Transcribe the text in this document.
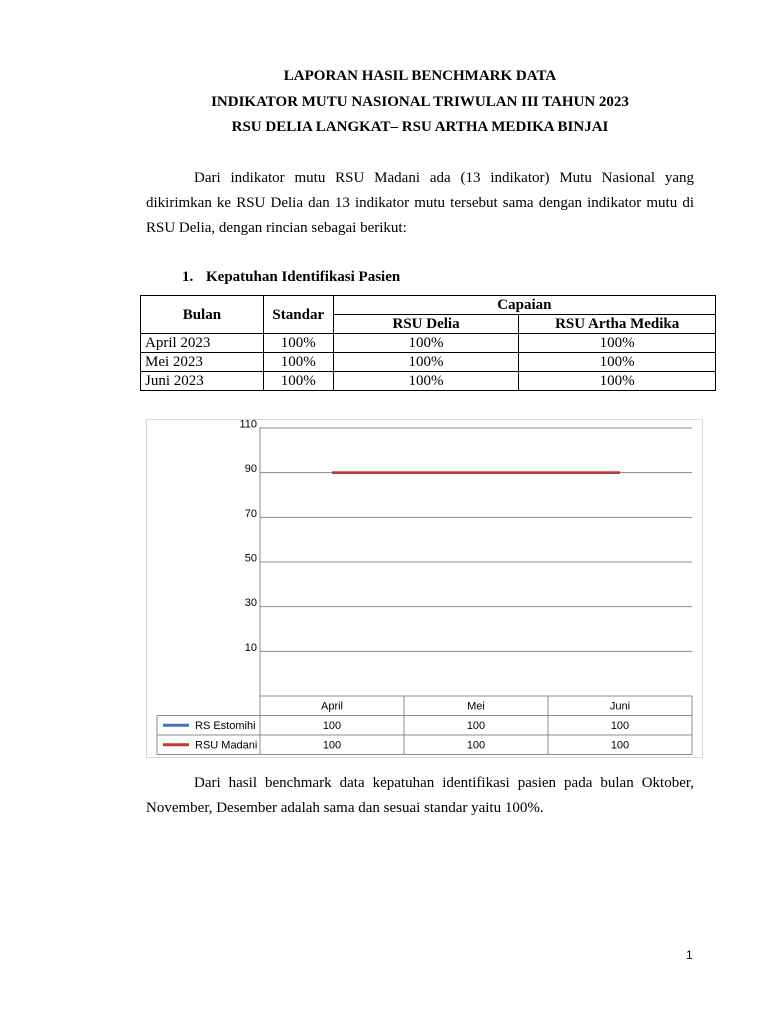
LAPORAN HASIL BENCHMARK DATA
INDIKATOR MUTU NASIONAL TRIWULAN III TAHUN 2023
RSU DELIA LANGKAT– RSU ARTHA MEDIKA BINJAI
Dari indikator mutu RSU Madani ada (13 indikator) Mutu Nasional yang dikirimkan ke RSU Delia dan 13 indikator mutu tersebut sama dengan indikator mutu di RSU Delia, dengan rincian sebagai berikut:
1. Kepatuhan Identifikasi Pasien
Bulan	Standar	Capaian	
		RSU Delia	RSU Artha Medika
April 2023	100%	100%	100%
Mei 2023	100%	100%	100%
Juni 2023	100%	100%	100%
10
30
50
70
90
110
April	Mei	Juni
RS Estomihi	100	100	100
RSU Madani	100	100	100
Dari hasil benchmark data kepatuhan identifikasi pasien pada bulan Oktober, November, Desember adalah sama dan sesuai standar yaitu 100%.
1
